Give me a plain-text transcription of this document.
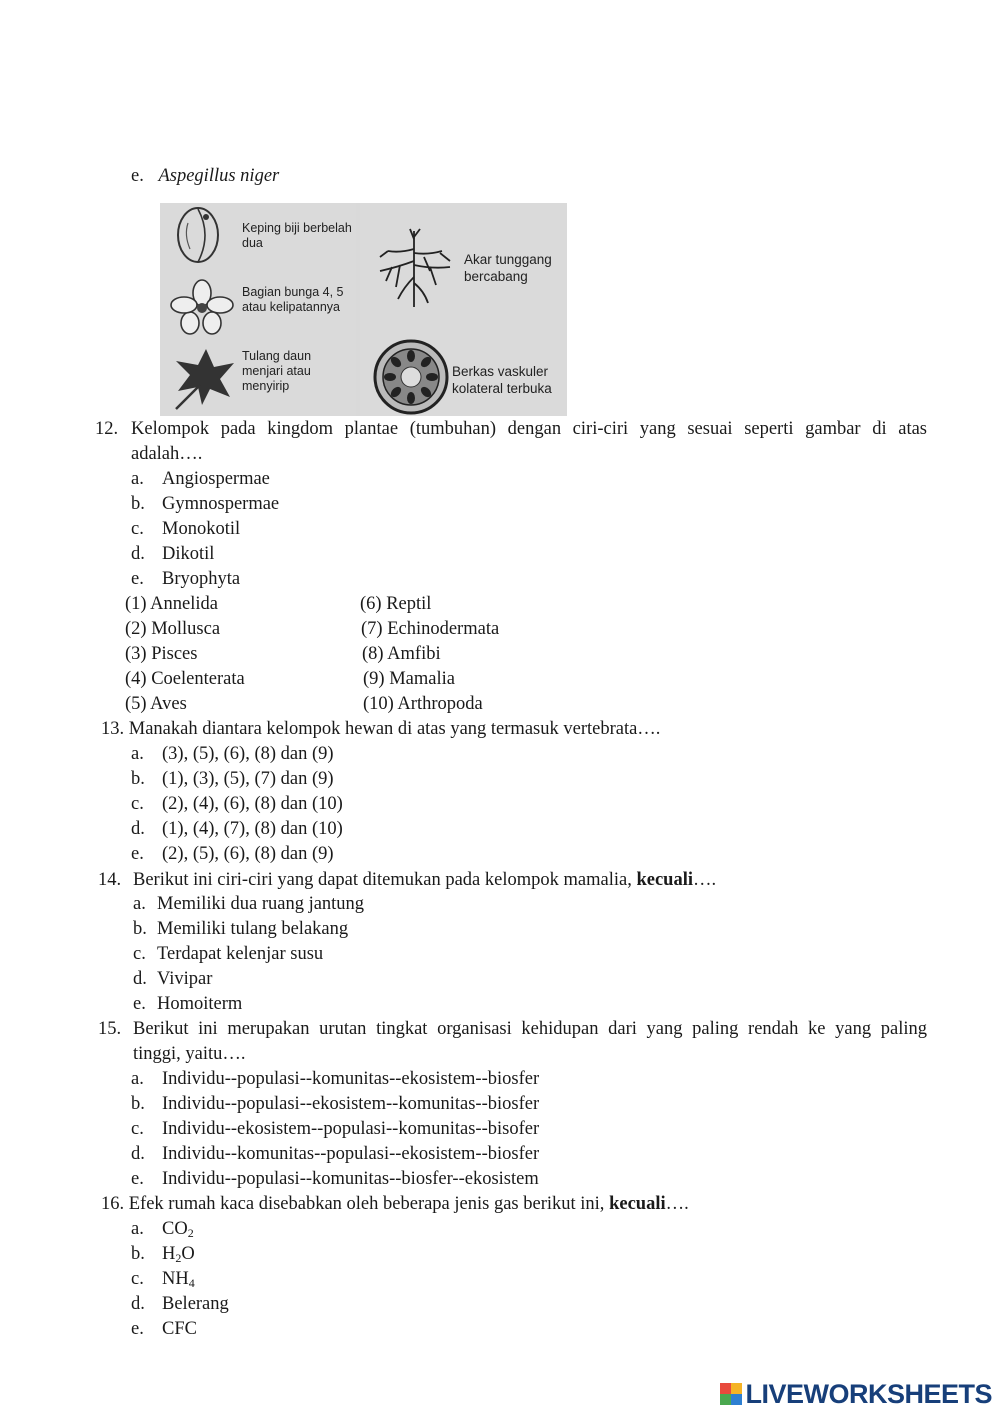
e. Aspegillus niger
Keping biji berbelah dua
Bagian bunga 4, 5 atau kelipatannya
Tulang daun menjari atau menyirip
Akar tunggang bercabang
Berkas vaskuler kolateral terbuka
12. Kelompok pada kingdom plantae (tumbuhan) dengan ciri-ciri yang sesuai seperti gambar di atas
adalah….
a. Angiospermae
b. Gymnospermae
c. Monokotil
d. Dikotil
e. Bryophyta
(1) Annelida
(2) Mollusca
(3) Pisces
(4) Coelenterata
(5) Aves
(6) Reptil
(7) Echinodermata
(8) Amfibi
(9) Mamalia
(10) Arthropoda
13. Manakah diantara kelompok hewan di atas yang termasuk vertebrata….
a. (3), (5), (6), (8) dan (9)
b. (1), (3), (5), (7) dan (9)
c. (2), (4), (6), (8) dan (10)
d. (1), (4), (7), (8) dan (10)
e. (2), (5), (6), (8) dan (9)
14. Berikut ini ciri-ciri yang dapat ditemukan pada kelompok mamalia, kecuali….
a. Memiliki dua ruang jantung
b. Memiliki tulang belakang
c. Terdapat kelenjar susu
d. Vivipar
e. Homoiterm
15. Berikut ini merupakan urutan tingkat organisasi kehidupan dari yang paling rendah ke yang paling
tinggi, yaitu….
a. Individu--populasi--komunitas--ekosistem--biosfer
b. Individu--populasi--ekosistem--komunitas--biosfer
c. Individu--ekosistem--populasi--komunitas--bisofer
d. Individu--komunitas--populasi--ekosistem--biosfer
e. Individu--populasi--komunitas--biosfer--ekosistem
16. Efek rumah kaca disebabkan oleh beberapa jenis gas berikut ini, kecuali….
a. $CO_2$
b. $H_2O$
c. $NH_4$
d. Belerang
e. CFC
LIVEWORKSHEETS
